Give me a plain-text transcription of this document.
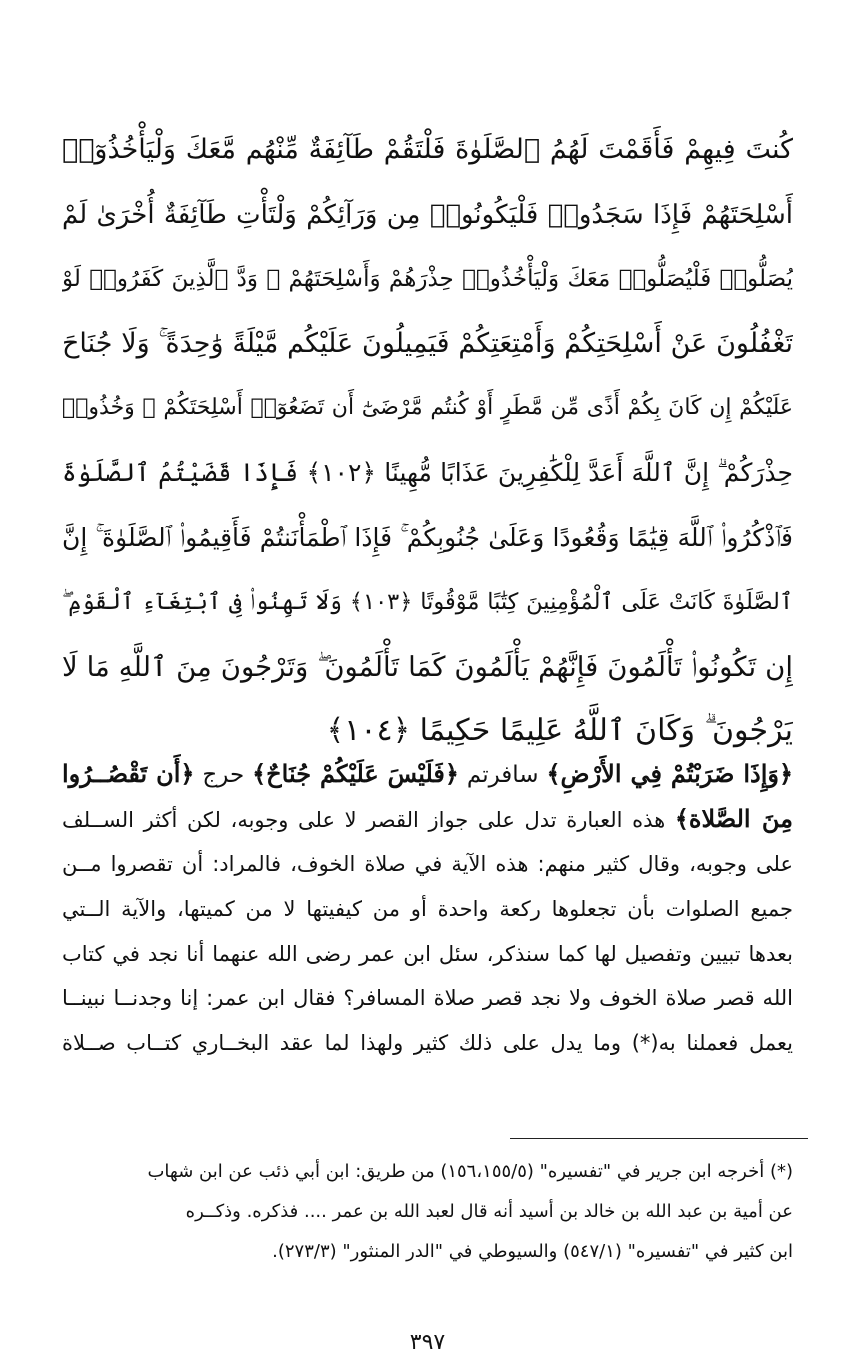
كُنتَ فِيهِمْ فَأَقَمْتَ لَهُمُ ٱلصَّلَوٰةَ فَلْتَقُمْ طَآئِفَةٌ مِّنْهُم مَّعَكَ وَلْيَأْخُذُوٓا۟
أَسْلِحَتَهُمْ فَإِذَا سَجَدُوا۟ فَلْيَكُونُوا۟ مِن وَرَآئِكُمْ وَلْتَأْتِ طَآئِفَةٌ أُخْرَىٰ لَمْ
يُصَلُّوا۟ فَلْيُصَلُّوا۟ مَعَكَ وَلْيَأْخُذُوا۟ حِذْرَهُمْ وَأَسْلِحَتَهُمْ ۗ وَدَّ ٱلَّذِينَ كَفَرُوا۟ لَوْ
تَغْفُلُونَ عَنْ أَسْلِحَتِكُمْ وَأَمْتِعَتِكُمْ فَيَمِيلُونَ عَلَيْكُم مَّيْلَةً وَٰحِدَةً ۚ وَلَا جُنَاحَ
عَلَيْكُمْ إِن كَانَ بِكُمْ أَذًى مِّن مَّطَرٍ أَوْ كُنتُم مَّرْضَىٰٓ أَن تَضَعُوٓا۟ أَسْلِحَتَكُمْ ۖ وَخُذُوا۟
حِذْرَكُمْ ۗ إِنَّ ٱللَّهَ أَعَدَّ لِلْكَٰفِرِينَ عَذَابًا مُّهِينًا ﴿١٠٢﴾ فَإِذَا قَضَيْتُمُ ٱلصَّلَوٰةَ
فَٱذْكُرُوا۟ ٱللَّهَ قِيَٰمًا وَقُعُودًا وَعَلَىٰ جُنُوبِكُمْ ۚ فَإِذَا ٱطْمَأْنَنتُمْ فَأَقِيمُوا۟ ٱلصَّلَوٰةَ ۚ إِنَّ
ٱلصَّلَوٰةَ كَانَتْ عَلَى ٱلْمُؤْمِنِينَ كِتَٰبًا مَّوْقُوتًا ﴿١٠٣﴾ وَلَا تَهِنُوا۟ فِى ٱبْتِغَآءِ ٱلْقَوْمِ ۖ
إِن تَكُونُوا۟ تَأْلَمُونَ فَإِنَّهُمْ يَأْلَمُونَ كَمَا تَأْلَمُونَ ۖ وَتَرْجُونَ مِنَ ٱللَّهِ مَا لَا
يَرْجُونَ ۗ وَكَانَ ٱللَّهُ عَلِيمًا حَكِيمًا ﴿١٠٤﴾
﴿وَإِذَا ضَرَبْتُمْ فِي الأَرْضِ﴾ سافرتم ﴿فَلَيْسَ عَلَيْكُمْ جُنَاحٌ﴾ حرج ﴿أَن تَقْصُــرُوا
مِنَ الصَّلاة﴾ هذه العبارة تدل على جواز القصر لا على وجوبه، لكن أكثر الســلف
على وجوبه، وقال كثير منهم: هذه الآية في صلاة الخوف، فالمراد: أن تقصروا مــن
جميع الصلوات بأن تجعلوها ركعة واحدة أو من كيفيتها لا من كميتها، والآية الــتي
بعدها تبيين وتفصيل لها كما سنذكر، سئل ابن عمر رضى الله عنهما أنا نجد في كتاب
الله قصر صلاة الخوف ولا نجد قصر صلاة المسافر؟ فقال ابن عمر: إنا وجدنــا نبينــا
يعمل فعملنا به(*) وما يدل على ذلك كثير ولهذا لما عقد البخــاري كتــاب صــلاة
(*) أخرجه ابن جرير في "تفسيره" (١٥٦،١٥٥/٥) من طريق: ابن أبي ذئب عن ابن شهاب
عن أمية بن عبد الله بن خالد بن أسيد أنه قال لعبد الله بن عمر .... فذكره. وذكــره
ابن كثير في "تفسيره" (٥٤٧/١) والسيوطي في "الدر المنثور" (٢٧٣/٣).
٣٩٧
